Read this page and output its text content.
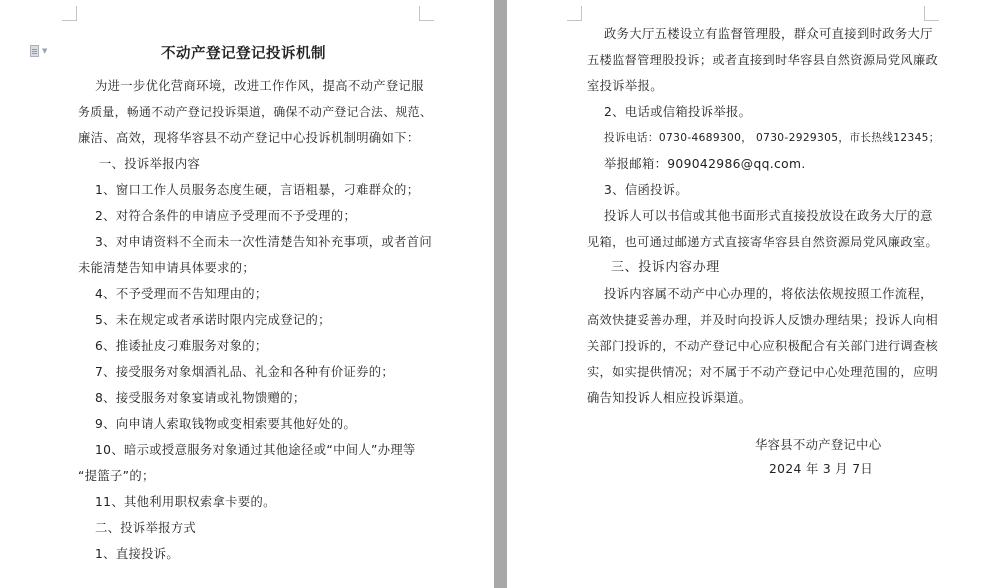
▼	不动产登记登记投诉机制

为进一步优化营商环境，改进工作作风，提高不动产登记服

务质量，畅通不动产登记投诉渠道，确保不动产登记合法、规范、

廉洁、高效，现将华容县不动产登记中心投诉机制明确如下：

一、投诉举报内容

1、窗口工作人员服务态度生硬，言语粗暴，刁难群众的；

2、对符合条件的申请应予受理而不予受理的；

3、对申请资料不全而未一次性清楚告知补充事项，或者首问

未能清楚告知申请具体要求的；

4、不予受理而不告知理由的；

5、未在规定或者承诺时限内完成登记的；

6、推诿扯皮刁难服务对象的；

7、接受服务对象烟酒礼品、礼金和各种有价证券的；

8、接受服务对象宴请或礼物馈赠的；

9、向申请人索取钱物或变相索要其他好处的。

10、暗示或授意服务对象通过其他途径或“中间人”办理等

“提篮子”的；

11、其他利用职权索拿卡要的。

二、投诉举报方式

1、直接投诉。

政务大厅五楼设立有监督管理股，群众可直接到时政务大厅

五楼监督管理股投诉；或者直接到时华容县自然资源局党风廉政

室投诉举报。

2、电话或信箱投诉举报。

投诉电话：0730-4689300， 0730-2929305，市长热线12345；

举报邮箱：909042986@qq.com.

3、信函投诉。

投诉人可以书信或其他书面形式直接投放设在政务大厅的意

见箱，也可通过邮递方式直接寄华容县自然资源局党风廉政室。

三、投诉内容办理

投诉内容属不动产中心办理的，将依法依规按照工作流程，

高效快捷妥善办理，并及时向投诉人反馈办理结果；投诉人向相

关部门投诉的，不动产登记中心应积极配合有关部门进行调查核

实，如实提供情况；对不属于不动产登记中心处理范围的，应明

确告知投诉人相应投诉渠道。

华容县不动产登记中心

2024 年 3 月 7日
